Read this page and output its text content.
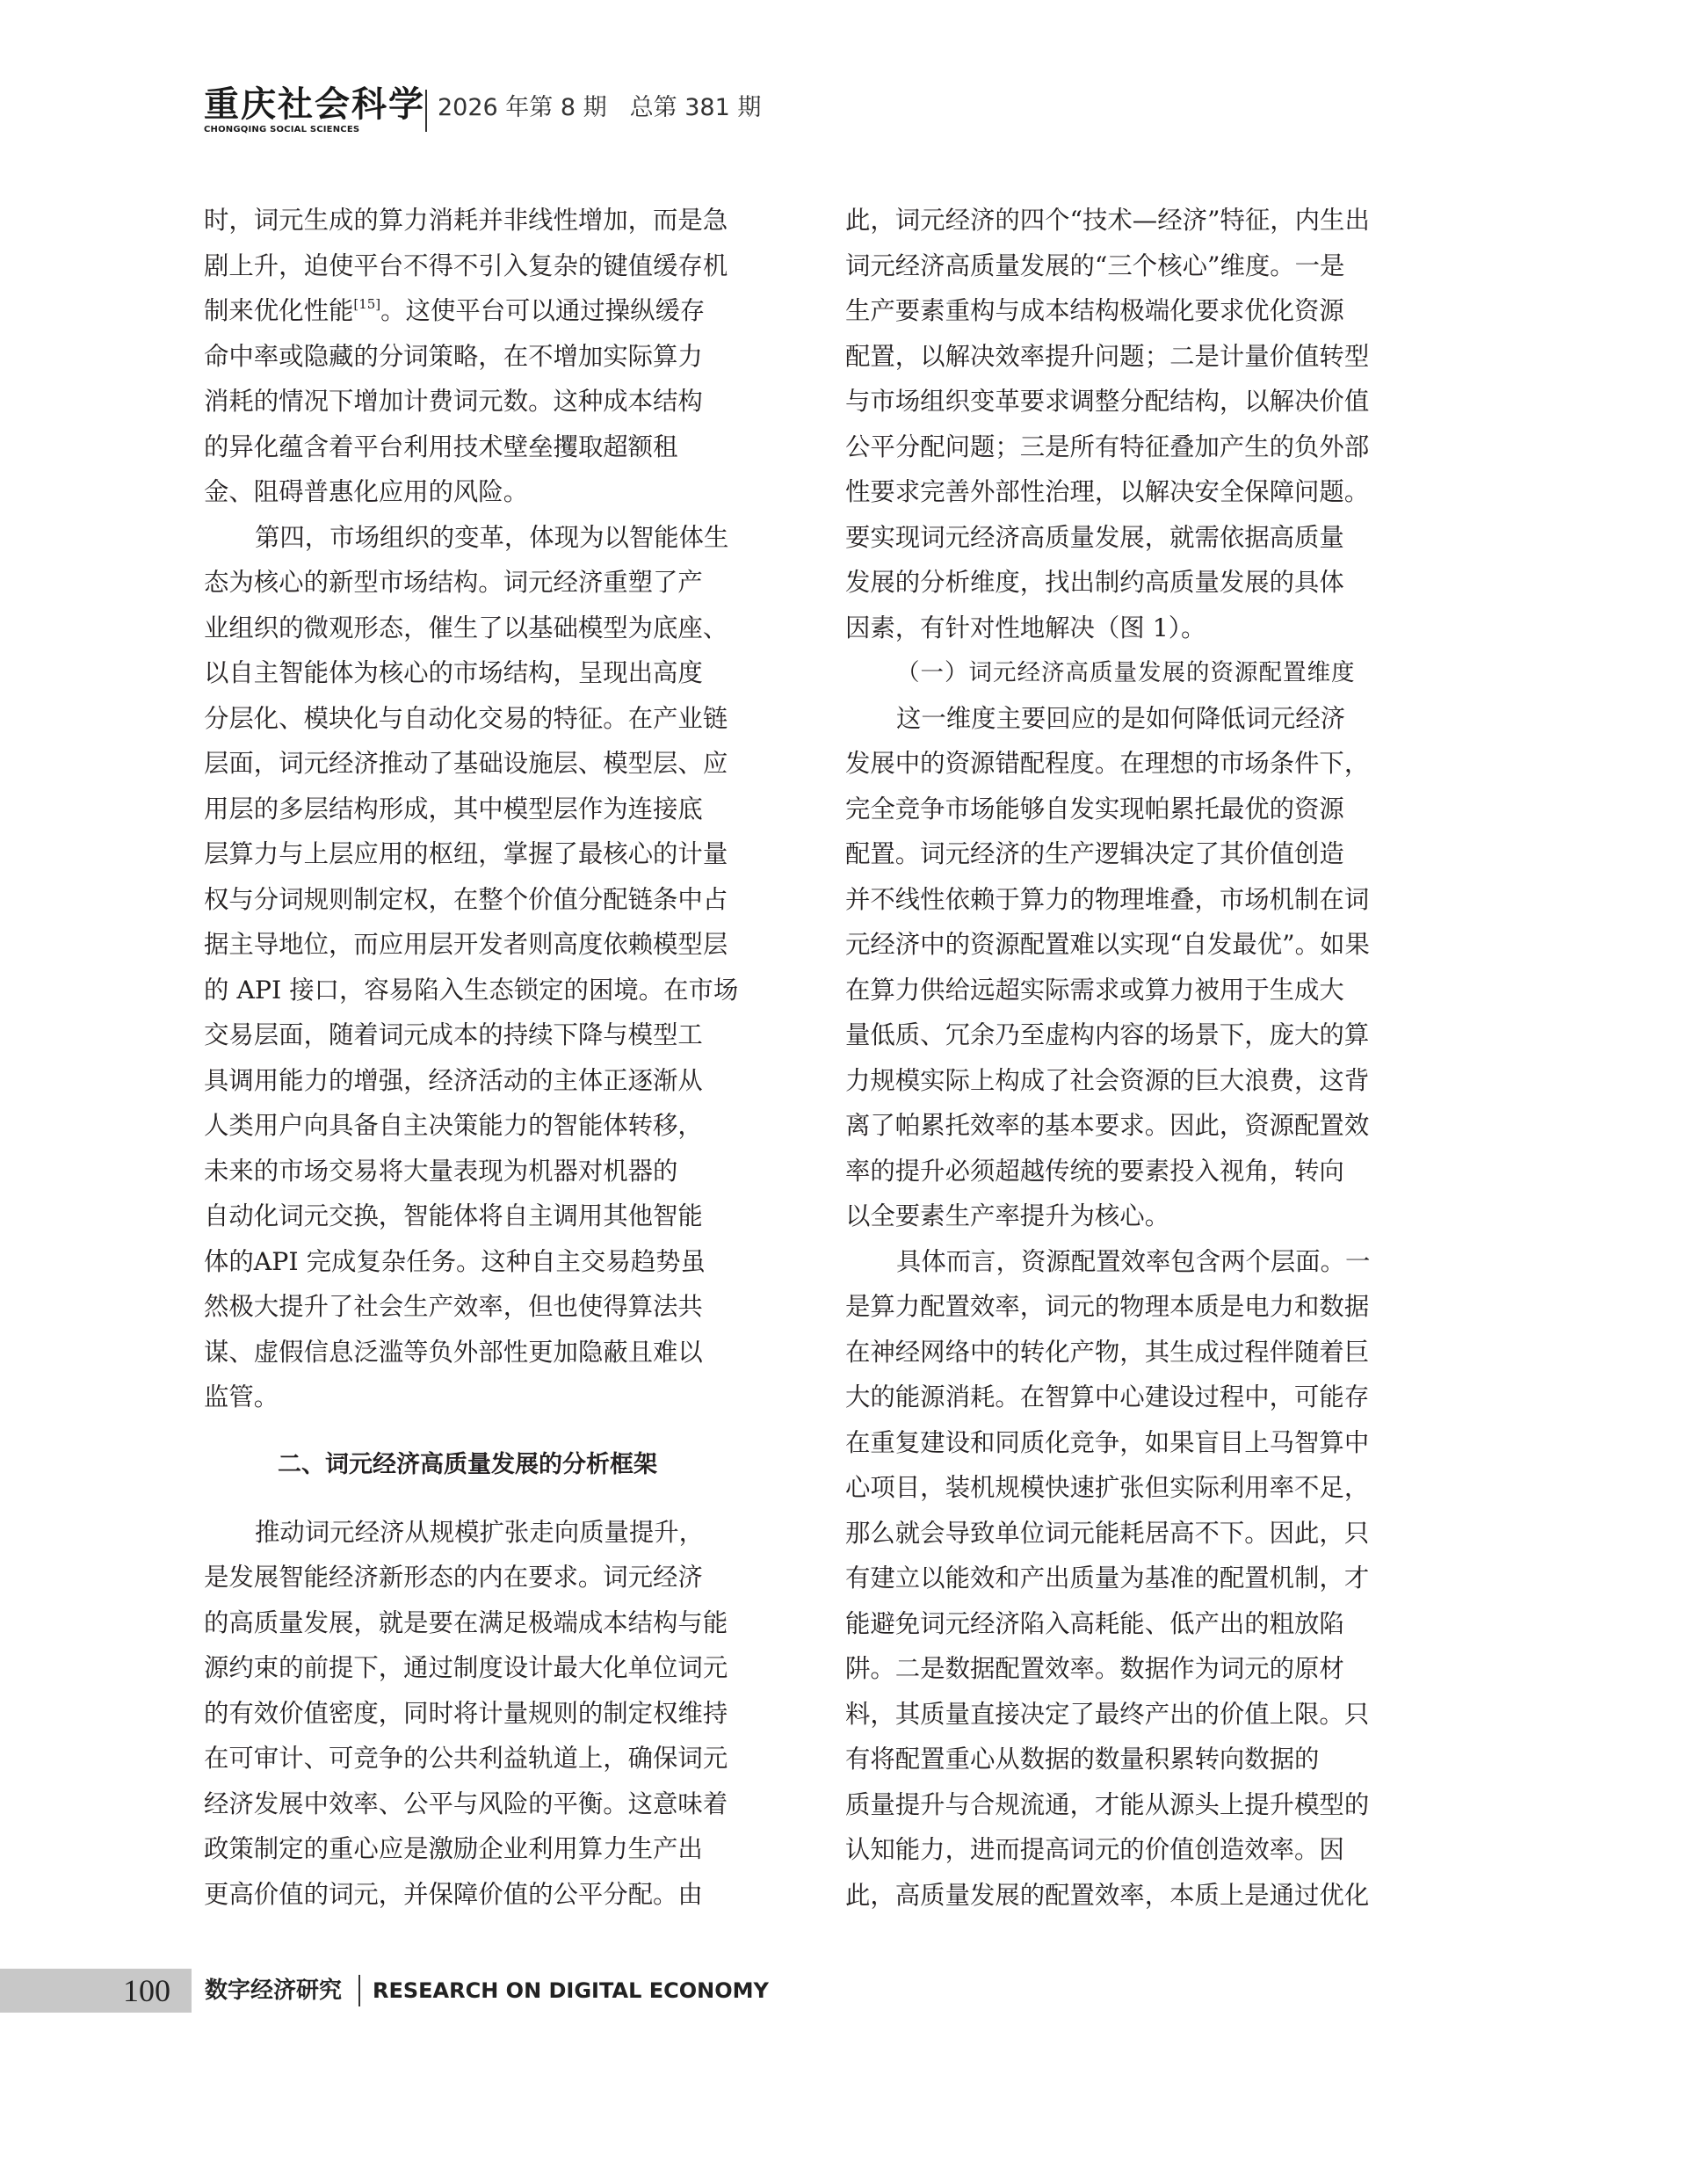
重庆社会科学
CHONGQING SOCIAL SCIENCES
2026 年第 8 期 总第 381 期
时，词元生成的算力消耗并非线性增加，而是急
剧上升，迫使平台不得不引入复杂的键值缓存机
制来优化性能[15]。这使平台可以通过操纵缓存
命中率或隐藏的分词策略，在不增加实际算力
消耗的情况下增加计费词元数。这种成本结构
的异化蕴含着平台利用技术壁垒攫取超额租
金、阻碍普惠化应用的风险。
第四，市场组织的变革，体现为以智能体生
态为核心的新型市场结构。词元经济重塑了产
业组织的微观形态，催生了以基础模型为底座、
以自主智能体为核心的市场结构，呈现出高度
分层化、模块化与自动化交易的特征。在产业链
层面，词元经济推动了基础设施层、模型层、应
用层的多层结构形成，其中模型层作为连接底
层算力与上层应用的枢纽，掌握了最核心的计量
权与分词规则制定权，在整个价值分配链条中占
据主导地位，而应用层开发者则高度依赖模型层
的 API 接口，容易陷入生态锁定的困境。在市场
交易层面，随着词元成本的持续下降与模型工
具调用能力的增强，经济活动的主体正逐渐从
人类用户向具备自主决策能力的智能体转移，
未来的市场交易将大量表现为机器对机器的
自动化词元交换，智能体将自主调用其他智能
体的API 完成复杂任务。这种自主交易趋势虽
然极大提升了社会生产效率，但也使得算法共
谋、虚假信息泛滥等负外部性更加隐蔽且难以
监管。
二、词元经济高质量发展的分析框架
推动词元经济从规模扩张走向质量提升，
是发展智能经济新形态的内在要求。词元经济
的高质量发展，就是要在满足极端成本结构与能
源约束的前提下，通过制度设计最大化单位词元
的有效价值密度，同时将计量规则的制定权维持
在可审计、可竞争的公共利益轨道上，确保词元
经济发展中效率、公平与风险的平衡。这意味着
政策制定的重心应是激励企业利用算力生产出
更高价值的词元，并保障价值的公平分配。由
此，词元经济的四个“技术—经济”特征，内生出
词元经济高质量发展的“三个核心”维度。一是
生产要素重构与成本结构极端化要求优化资源
配置，以解决效率提升问题；二是计量价值转型
与市场组织变革要求调整分配结构，以解决价值
公平分配问题；三是所有特征叠加产生的负外部
性要求完善外部性治理，以解决安全保障问题。
要实现词元经济高质量发展，就需依据高质量
发展的分析维度，找出制约高质量发展的具体
因素，有针对性地解决（图 1）。
（一）词元经济高质量发展的资源配置维度
这一维度主要回应的是如何降低词元经济
发展中的资源错配程度。在理想的市场条件下，
完全竞争市场能够自发实现帕累托最优的资源
配置。词元经济的生产逻辑决定了其价值创造
并不线性依赖于算力的物理堆叠，市场机制在词
元经济中的资源配置难以实现“自发最优”。如果
在算力供给远超实际需求或算力被用于生成大
量低质、冗余乃至虚构内容的场景下，庞大的算
力规模实际上构成了社会资源的巨大浪费，这背
离了帕累托效率的基本要求。因此，资源配置效
率的提升必须超越传统的要素投入视角，转向
以全要素生产率提升为核心。
具体而言，资源配置效率包含两个层面。一
是算力配置效率，词元的物理本质是电力和数据
在神经网络中的转化产物，其生成过程伴随着巨
大的能源消耗。在智算中心建设过程中，可能存
在重复建设和同质化竞争，如果盲目上马智算中
心项目，装机规模快速扩张但实际利用率不足，
那么就会导致单位词元能耗居高不下。因此，只
有建立以能效和产出质量为基准的配置机制，才
能避免词元经济陷入高耗能、低产出的粗放陷
阱。二是数据配置效率。数据作为词元的原材
料，其质量直接决定了最终产出的价值上限。只
有将配置重心从数据的数量积累转向数据的
质量提升与合规流通，才能从源头上提升模型的
认知能力，进而提高词元的价值创造效率。因
此，高质量发展的配置效率，本质上是通过优化
100	数字经济研究 RESEARCH ON DIGITAL ECONOMY
